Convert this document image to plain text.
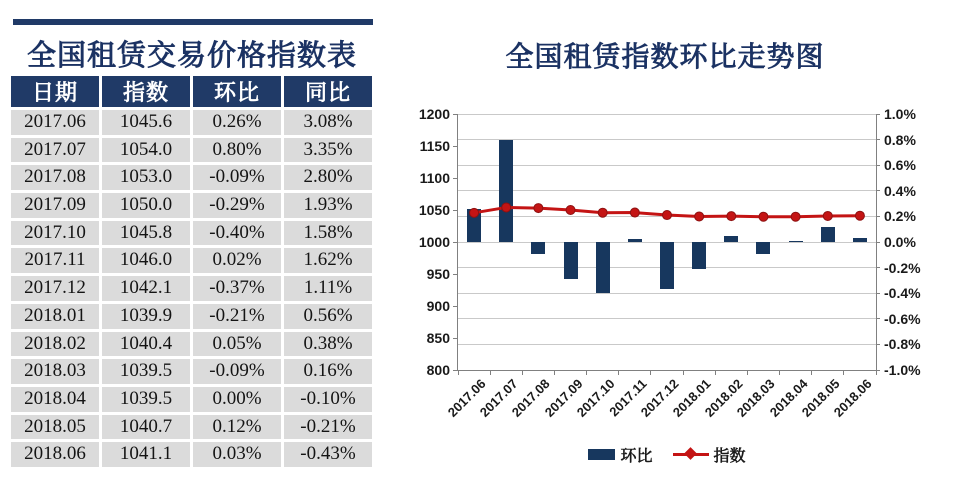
全国租赁交易价格指数表
日期	指数	环比	同比
2017.06	1045.6	0.26%	3.08%
2017.07	1054.0	0.80%	3.35%
2017.08	1053.0	-0.09%	2.80%
2017.09	1050.0	-0.29%	1.93%
2017.10	1045.8	-0.40%	1.58%
2017.11	1046.0	0.02%	1.62%
2017.12	1042.1	-0.37%	1.11%
2018.01	1039.9	-0.21%	0.56%
2018.02	1040.4	0.05%	0.38%
2018.03	1039.5	-0.09%	0.16%
2018.04	1039.5	0.00%	-0.10%
2018.05	1040.7	0.12%	-0.21%
2018.06	1041.1	0.03%	-0.43%
全国租赁指数环比走势图
1.0%
0.8%
0.6%
0.4%
0.2%
0.0%
-0.2%
-0.4%
-0.6%
-0.8%
-1.0%
1200
1150
1100
1050
1000
950
900
850
800
2017.06
2017.07
2017.08
2017.09
2017.10
2017.11
2017.12
2018.01
2018.02
2018.03
2018.04
2018.05
2018.06
环比	指数
